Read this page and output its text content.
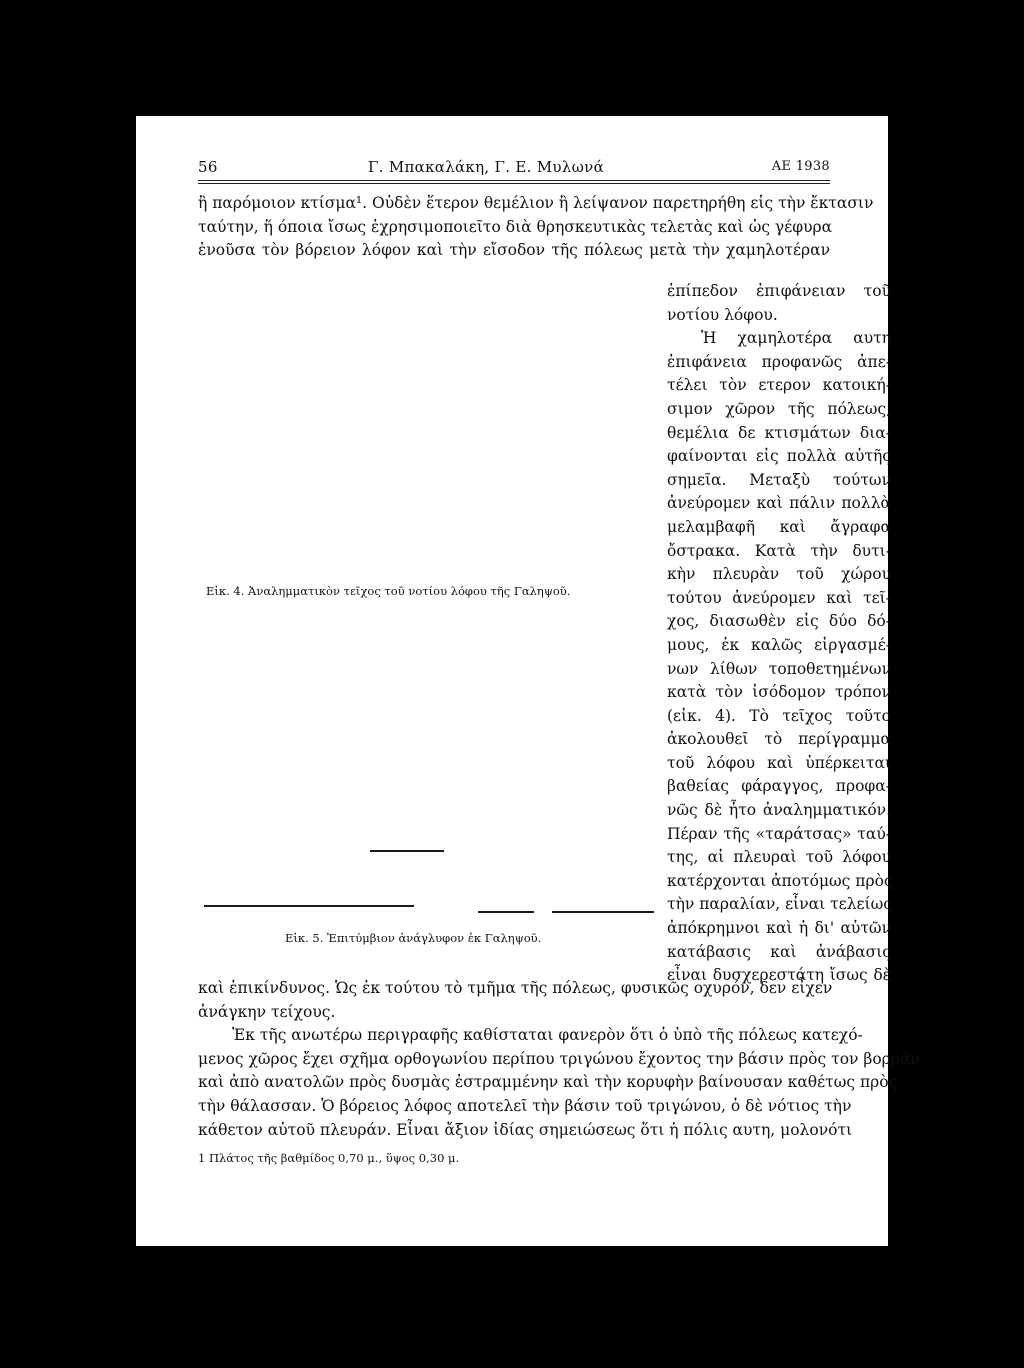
56	Γ. Μπακαλάκη, Γ. Ε. Μυλωνά	ΑΕ 1938
ἢ παρόμοιον κτίσμα¹. Οὐδὲν ἕτερον θεμέλιον ἢ λείψανον παρετηρήθη εἰς τὴν ἔκτασιν
ταύτην, ἥ όποια ἴσως ἐχρησιμοποιεῖτο διὰ θρησκευτικὰς τελετὰς καὶ ὡς γέφυρα
ἑνοῦσα τὸν βόρειον λόφον καὶ τὴν εἴσοδον τῆς πόλεως μετὰ τὴν χαμηλοτέραν
Εἰκ. 4. Ἀναλημματικὸν τεῖχος τοῦ νοτίου λόφου τῆς Γαληψοῦ.
Εἰκ. 5. Ἐπιτύμβιον ἀνάγλυφον ἐκ Γαληψοῦ.
ἐπίπεδον ἐπιφάνειαν τοῦ
νοτίου λόφου.
Ἡ χαμηλοτέρα αυτη
ἐπιφάνεια προφανῶς ἀπε-
τέλει τὸν ετερον κατοική-
σιμον χῶρον τῆς πόλεως,
θεμέλια δε κτισμάτων δια-
φαίνονται εἰς πολλὰ αὐτῆς
σημεῖα. Μεταξὺ τούτων
ἀνεύρομεν καὶ πάλιν πολλὰ
μελαμβαφῆ καὶ ἄγραφα
ὄστρακα. Κατὰ τὴν δυτι-
κὴν πλευρὰν τοῦ χώρου
τούτου ἀνεύρομεν καὶ τεῖ-
χος, διασωθὲν εἰς δύο δό-
μους, ἐκ καλῶς εἰργασμέ-
νων λίθων τοποθετημένων
κατὰ τὸν ἰσόδομον τρόπον
(εἰκ. 4). Τὸ τεῖχος τοῦτο
ἀκολουθεῖ τὸ περίγραμμα
τοῦ λόφου καὶ ὑπέρκειται
βαθείας φάραγγος, προφα-
νῶς δὲ ἦτο ἀναλημματικόν.
Πέραν τῆς «ταράτσας» ταύ-
της, αἱ πλευραὶ τοῦ λόφου
κατέρχονται ἀποτόμως πρὸς
τὴν παραλίαν, εἶναι τελείως
ἀπόκρημνοι καὶ ἡ δι' αὐτῶν
κατάβασις καὶ ἀνάβασις
εἶναι δυσχερεστάτη ἴσως δὲ
καὶ ἐπικίνδυνος. Ὡς ἐκ τούτου τὸ τμῆμα τῆς πόλεως, φυσικῶς οχυρόν, δεν εἶχεν
ἀνάγκην τείχους.
Ἐκ τῆς ανωτέρω περιγραφῆς καθίσταται φανερὸν ὅτι ὁ ὑπὸ τῆς πόλεως κατεχό-
μενος χῶρος ἔχει σχῆμα ορθογωνίου περίπου τριγώνου ἔχοντος την βάσιν πρὸς τον βορρᾶν
καὶ ἀπὸ ανατολῶν πρὸς δυσμὰς ἐστραμμένην καὶ τὴν κορυφὴν βαίνουσαν καθέτως πρὸς
τὴν θάλασσαν. Ὁ βόρειος λόφος αποτελεῖ τὴν βάσιν τοῦ τριγώνου, ὁ δὲ νότιος τὴν
κάθετον αὐτοῦ πλευράν. Εἶναι ἄξιον ἰδίας σημειώσεως ὅτι ἡ πόλις αυτη, μολονότι
1 Πλάτος τῆς βαθμίδος 0,70 μ., ὕψος 0,30 μ.
